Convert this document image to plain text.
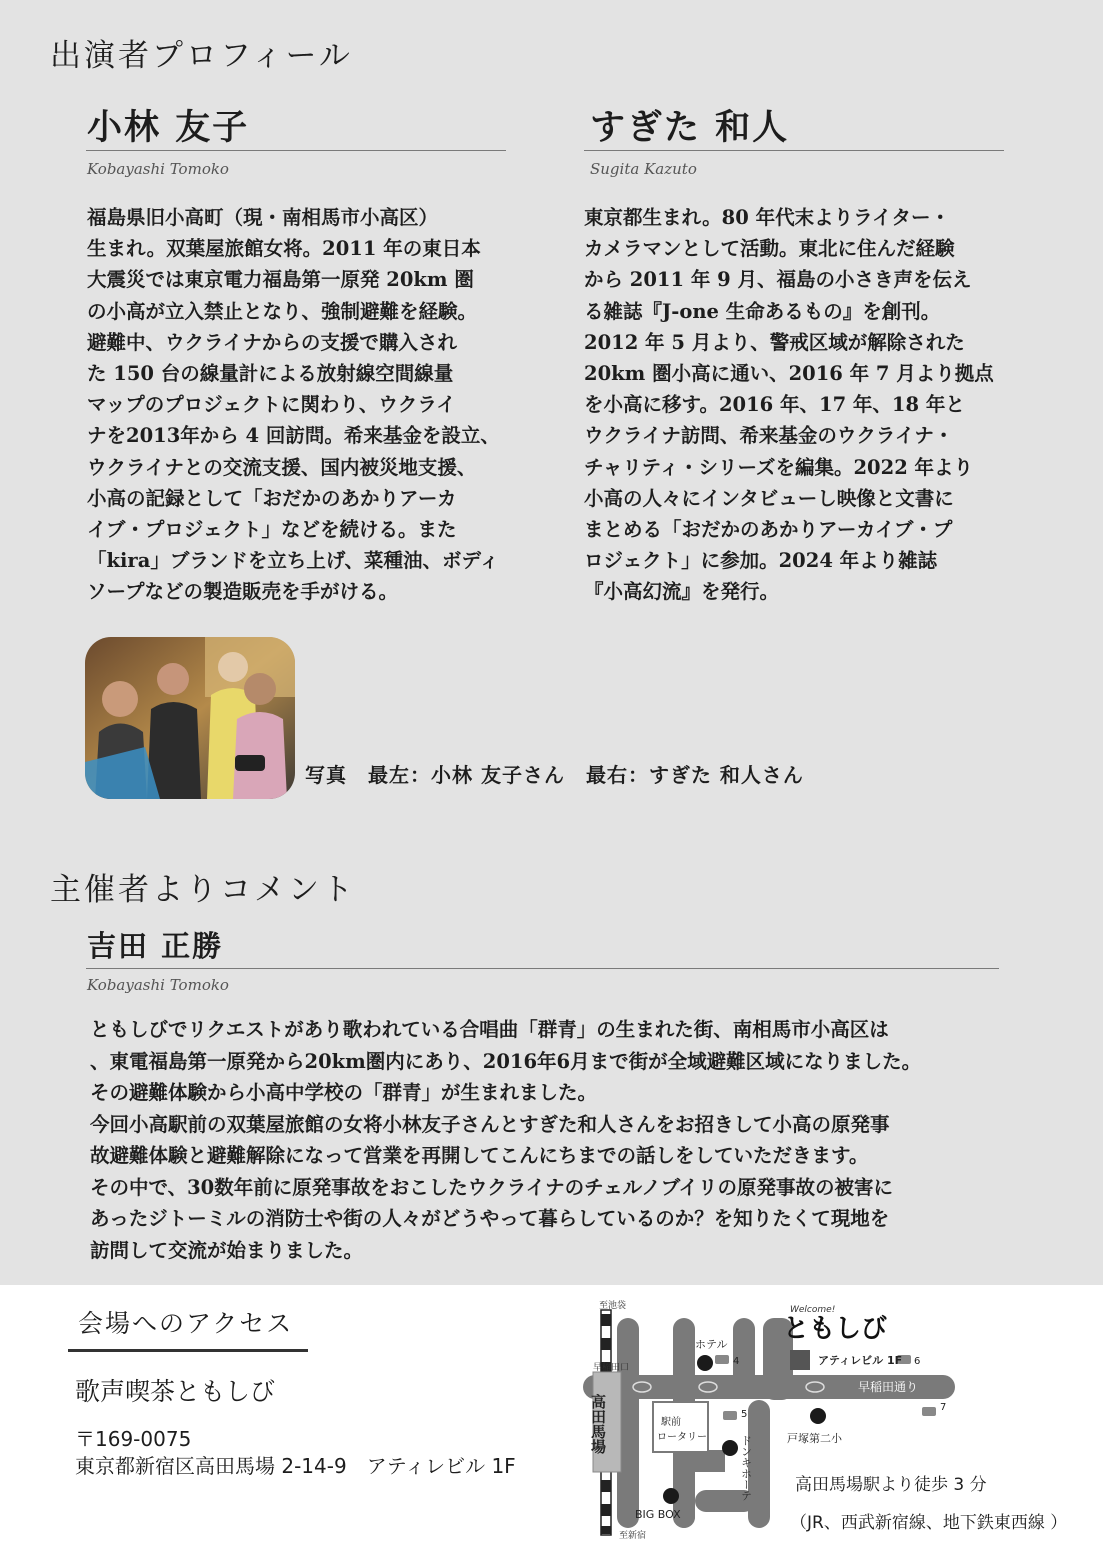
出演者プロフィール
小林 友子
Kobayashi Tomoko
福島県旧小高町（現・南相馬市小高区）
生まれ。双葉屋旅館女将。2011 年の東日本
大震災では東京電力福島第一原発 20km 圏
の小高が立入禁止となり、強制避難を経験。
避難中、ウクライナからの支援で購入され
た 150 台の線量計による放射線空間線量
マップのプロジェクトに関わり、ウクライ
ナを2013年から 4 回訪問。希来基金を設立、
ウクライナとの交流支援、国内被災地支援、
小高の記録として「おだかのあかりアーカ
イブ・プロジェクト」などを続ける。また
「kira」ブランドを立ち上げ、菜種油、ボディ
ソープなどの製造販売を手がける。
すぎた 和人
Sugita Kazuto
東京都生まれ。80 年代末よりライター・
カメラマンとして活動。東北に住んだ経験
から 2011 年 9 月、福島の小さき声を伝え
る雑誌『J-one 生命あるもの』を創刊。
2012 年 5 月より、警戒区域が解除された
20km 圏小高に通い、2016 年 7 月より拠点
を小高に移す。2016 年、17 年、18 年と
ウクライナ訪問、希来基金のウクライナ・
チャリティ・シリーズを編集。2022 年より
小高の人々にインタビューし映像と文書に
まとめる「おだかのあかりアーカイブ・プ
ロジェクト」に参加。2024 年より雑誌
『小高幻流』を発行。
写真　最左：小林 友子さん　最右：すぎた 和人さん
主催者よりコメント
吉田 正勝
Kobayashi Tomoko
ともしびでリクエストがあり歌われている合唱曲「群青」の生まれた街、南相馬市小高区は
、東電福島第一原発から20km圏内にあり、2016年6月まで街が全域避難区域になりました。
その避難体験から小高中学校の「群青」が生まれました。
今回小高駅前の双葉屋旅館の女将小林友子さんとすぎた和人さんをお招きして小高の原発事
故避難体験と避難解除になって営業を再開してこんにちまでの話しをしていただきます。
その中で、30数年前に原発事故をおこしたウクライナのチェルノブイリの原発事故の被害に
あったジトーミルの消防士や街の人々がどうやって暮らしているのか？を知りたくて現地を
訪問して交流が始まりました。
会場へのアクセス
歌声喫茶ともしび
〒169-0075
東京都新宿区高田馬場 2-14-9　アティレビル 1F
高田馬場駅より徒歩 3 分
（JR、西武新宿線、地下鉄東西線 ）
至池袋
至新宿
早稲田口
高田馬場
ホテル
4	アティレビル 1F 6
早稲田通り
7
5
戸塚第二小
ドンキホーテ
BIG BOX
駅前
ロータリー
Welcome!
ともしび
